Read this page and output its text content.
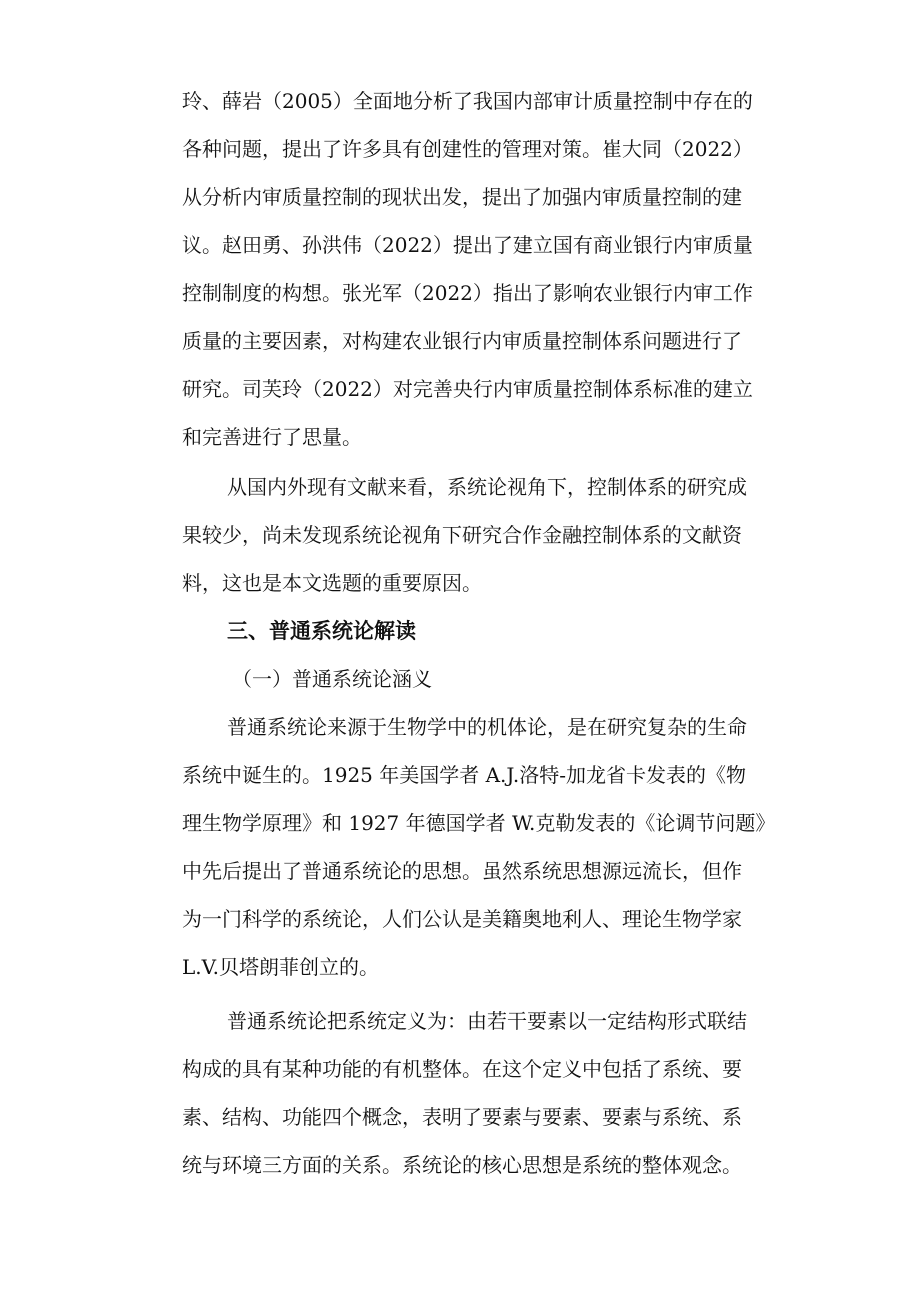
玲、薛岩（2005）全面地分析了我国内部审计质量控制中存在的
各种问题，提出了许多具有创建性的管理对策。崔大同（2022）
从分析内审质量控制的现状出发，提出了加强内审质量控制的建
议。赵田勇、孙洪伟（2022）提出了建立国有商业银行内审质量
控制制度的构想。张光军（2022）指出了影响农业银行内审工作
质量的主要因素，对构建农业银行内审质量控制体系问题进行了
研究。司芙玲（2022）对完善央行内审质量控制体系标准的建立
和完善进行了思量。
从国内外现有文献来看，系统论视角下，控制体系的研究成
果较少，尚未发现系统论视角下研究合作金融控制体系的文献资
料，这也是本文选题的重要原因。
三、普通系统论解读
（一）普通系统论涵义
普通系统论来源于生物学中的机体论，是在研究复杂的生命
系统中诞生的。1925 年美国学者 A.J.洛特-加龙省卡发表的《物
理生物学原理》和 1927 年德国学者 W.克勒发表的《论调节问题》
中先后提出了普通系统论的思想。虽然系统思想源远流长，但作
为一门科学的系统论，人们公认是美籍奥地利人、理论生物学家
L.V.贝塔朗菲创立的。
普通系统论把系统定义为：由若干要素以一定结构形式联结
构成的具有某种功能的有机整体。在这个定义中包括了系统、要
素、结构、功能四个概念，表明了要素与要素、要素与系统、系
统与环境三方面的关系。系统论的核心思想是系统的整体观念。
